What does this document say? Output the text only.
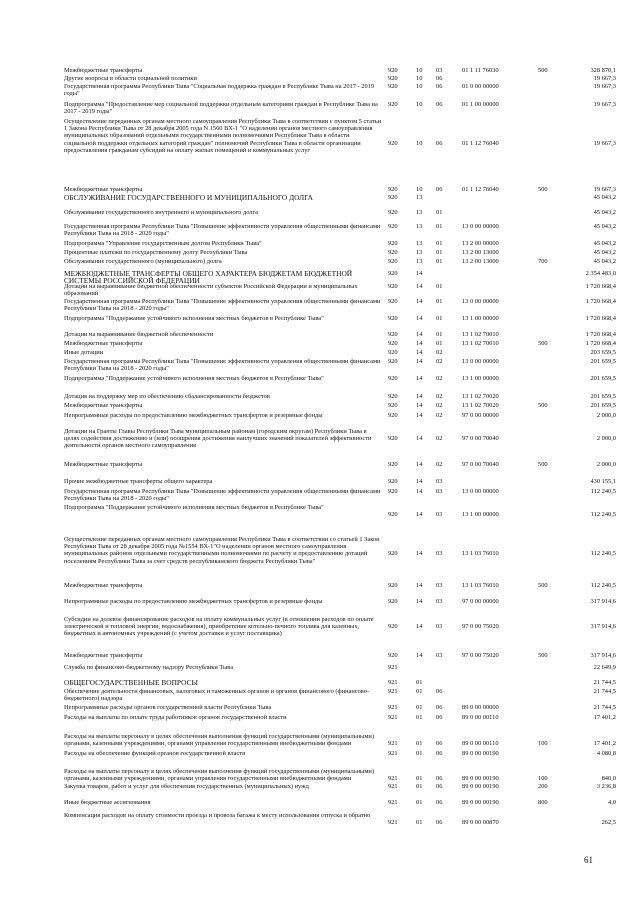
Межбюджетные трансферты	920	10 03	01 1 11 76030	500	328 870,1
Другие вопросы в области социальной политики	920	10 06	19 667,3
Государственная программа Республики Тыва "Социальная поддержка граждан в Республике Тыва на 2017 - 2019 годы"
920	10 06	01 0 00 00000	19 667,3
Подпрограмма "Предоставление мер социальной поддержки отдельным категориям граждан в Республике Тыва на 2017 - 2019 годы"
920	10 06	01 1 00 00000	19 667,3
Осуществление переданных органам местного самоуправления Республики Тыва в соответствии с пунктом 5 статьи 1 Закона Республики Тыва от 28 декабря 2005 года N 1560 ВХ-1 "О наделении органов местного самоуправления муниципальных образований отдельными государственными полномочиями Республики Тыва в области социальной поддержки отдельных категорий граждан" полномочий Республики Тыва в области организации предоставления гражданам субсидий на оплату жилых помещений и коммунальных услуг
920	10 06	01 1 12 76040	19 667,3
Межбюджетные трансферты	920	10 06	01 1 12 76040	500	19 667,3
ОБСЛУЖИВАНИЕ ГОСУДАРСТВЕННОГО И МУНИЦИПАЛЬНОГО ДОЛГА	920	13	45 043,2
Обслуживание государственного внутреннего и муниципального долга	920	13 01	45 043,2
Государственная программа Республики Тыва "Повышение эффективности управления общественными финансами Республики Тыва на 2018 - 2020 годы"
920	13 01	13 0 00 00000	45 043,2
Подпрограмма "Управление государственным долгом Республики Тыва"	920	13 01	13 2 00 00000	45 043,2
Процентные платежи по государственному долгу Республики Тыва	920	13 01	13 2 00 13000	45 043,2
Обслуживание государственного (муниципального) долга	920	13 01	13 2 00 13000	700	45 043,2
МЕЖБЮДЖЕТНЫЕ ТРАНСФЕРТЫ ОБЩЕГО ХАРАКТЕРА БЮДЖЕТАМ БЮДЖЕТНОЙ СИСТЕМЫ РОССИЙСКОЙ ФЕДЕРАЦИИ
920	14	2 354 483,0
Дотации на выравнивание бюджетной обеспеченности субъектов Российской Федерации и муниципальных образований
920	14 01	1 720 668,4
Государственная программа Республики Тыва "Повышение эффективности управления общественными финансами Республики Тыва на 2018 - 2020 годы"
920	14 01	13 0 00 00000	1 720 668,4
Подпрограмма "Поддержание устойчивого исполнения местных бюджетов в Республике Тыва"	920	14 01	13 1 00 00000	1 720 668,4
Дотации на выравнивание бюджетной обеспеченности	920	14 01	13 1 02 70010	1 720 668,4
Межбюджетные трансферты	920	14 01	13 1 02 70010	500	1 720 668,4
Иные дотации	920	14 02	203 659,5
Государственная программа Республики Тыва "Повышение эффективности управления общественными финансами Республики Тыва на 2018 - 2020 годы"
920	14 02	13 0 00 00000	201 659,5
Подпрограмма "Поддержание устойчивого исполнения местных бюджетов в Республике Тыва"	920	14 02	13 1 00 00000	201 659,5
Дотация на поддержку мер по обеспечению сбалансированности бюджетов	920	14 02	13 1 02 70020	201 659,5
Межбюджетные трансферты	920	14 02	13 1 02 70020	500	201 659,5
Непрограммные расходы по предоставлению межбюджетных трансфертов и резервные фонды	920	14 02	97 0 00 00000	2 000,0
Дотации на Гранты Главы Республики Тыва муниципальным районам (городским округам) Республики Тыва в целях содействия достижению и (или) поощрения достижения наилучших значений показателей эффективности деятельности органов местного самоуправления
920	14 02	97 0 00 70040	2 000,0
Межбюджетные трансферты	920	14 02	97 0 00 70040	500	2 000,0
Прочие межбюджетные трансферты общего характера	920	14 03	430 155,1
Государственная программа Республики Тыва "Повышение эффективности управления общественными финансами Республики Тыва на 2018 - 2020 годы"
920	14 03	13 0 00 00000	112 240,5
Подпрограмма "Поддержание устойчивого исполнения местных бюджетов в Республике Тыва"
920	14 03	13 1 00 00000	112 240,5
Осуществление переданных органам местного самоуправления Республики Тыва в соответствии со статьей 1 Закон Республики Тыва от 28 декабря 2005 года №1554 ВХ-1"О наделении органов местного самоуправления муниципальных районов отдельными государственными полномочиями по расчету и предоставлению дотаций поселениям Республики Тыва за счет средств республиканского бюджета Республики Тыва"
920	14 03	13 1 03 76010	112 240,5
Межбюджетные трансферты	920	14 03	13 1 03 76010	500	112 240,5
Непрограммные расходы по предоставлению межбюджетных трансфертов и резервные фонды	920	14 03	97 0 00 00000	317 914,6
Субсидии на долевое финансирование расходов на оплату коммунальных услуг (в отношении расходов по оплате электрической и тепловой энергии, водоснабжения), приобретение котельно-печного топлива для казенных, бюджетных и автономных учреждений (с учетом доставки и услуг поставщика)
920	14 03	97 0 00 75020	317 914,6
Межбюджетные трансферты	920	14 03	97 0 00 75020	500	317 914,6
Служба по финансово-бюджетному надзору Республики Тыва	921	22 649,9
ОБЩЕГОСУДАРСТВЕННЫЕ ВОПРОСЫ	921	01	21 744,5
Обеспечение деятельности финансовых, налоговых и таможенных органов и органов финансового (финансово-бюджетного) надзора
921	01 06	21 744,5
Непрограммные расходы органов государственной власти Республики Тыва	921	01 06	89 0 00 00000	21 744,5
Расходы на выплаты по оплате труда работников органов государственной власти	921	01 06	89 0 00 00110	17 401,2
Расходы на выплаты персоналу в целях обеспечения выполнения функций государственными (муниципальными) органами, казенными учреждениями, органами управления государственными внебюджетными фондами	921	01 06	89 0 00 00110	100	17 401,2
Расходы на обеспечение функций органов государственной власти	921	01 06	89 0 00 00190	4 080,8
Расходы на выплаты персоналу в целях обеспечения выполнения функций государственными (муниципальными) органами, казенными учреждениями, органами управления государственными внебюджетными фондами	921	01 06	89 0 00 00190	100	840,0
Закупка товаров, работ и услуг для обеспечения государственных (муниципальных) нужд	921	01 06	89 0 00 00190	200	3 236,8
Иные бюджетные ассигнования	921	01 06	89 0 00 00190	800	4,0
Компенсация расходов на оплату стоимости проезда и провоза багажа к месту использования отпуска и обратно
921	01 06	89 0 00 00870	262,5
61
